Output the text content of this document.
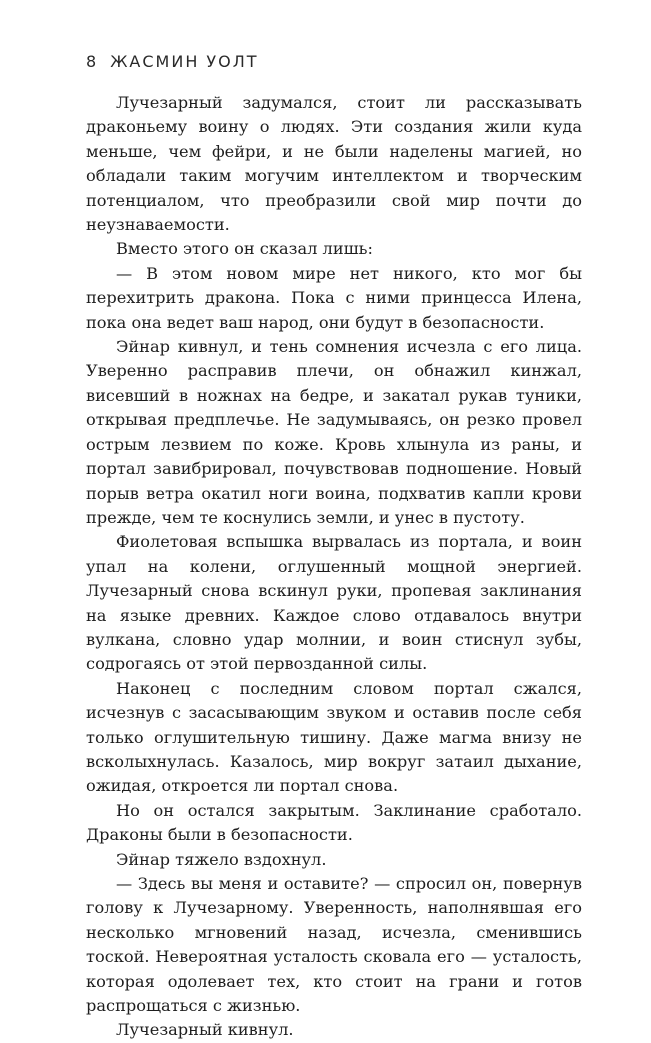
8 ЖАСМИН УОЛТ

Лучезарный задумался, стоит ли рассказывать драконьему воину о людях. Эти создания жили куда меньше, чем фейри, и не были наделены магией, но обладали таким могучим интеллектом и творческим потенциалом, что преобразили свой мир почти до неузнаваемости.

Вместо этого он сказал лишь:

— В этом новом мире нет никого, кто мог бы перехитрить дракона. Пока с ними принцесса Илена, пока она ведет ваш народ, они будут в безопасности.

Эйнар кивнул, и тень сомнения исчезла с его лица. Уверенно расправив плечи, он обнажил кинжал, висевший в ножнах на бедре, и закатал рукав туники, открывая предплечье. Не задумываясь, он резко провел острым лезвием по коже. Кровь хлынула из раны, и портал завибрировал, почувствовав подношение. Новый порыв ветра окатил ноги воина, подхватив капли крови прежде, чем те коснулись земли, и унес в пустоту.

Фиолетовая вспышка вырвалась из портала, и воин упал на колени, оглушенный мощной энергией. Лучезарный снова вскинул руки, пропевая заклинания на языке древних. Каждое слово отдавалось внутри вулкана, словно удар молнии, и воин стиснул зубы, содрогаясь от этой первозданной силы.

Наконец с последним словом портал сжался, исчезнув с засасывающим звуком и оставив после себя только оглушительную тишину. Даже магма внизу не всколыхнулась. Казалось, мир вокруг затаил дыхание, ожидая, откроется ли портал снова.

Но он остался закрытым. Заклинание сработало. Драконы были в безопасности.

Эйнар тяжело вздохнул.

— Здесь вы меня и оставите? — спросил он, повернув голову к Лучезарному. Уверенность, наполнявшая его несколько мгновений назад, исчезла, сменившись тоской. Невероятная усталость сковала его — усталость, которая одолевает тех, кто стоит на грани и готов распрощаться с жизнью.

Лучезарный кивнул.
